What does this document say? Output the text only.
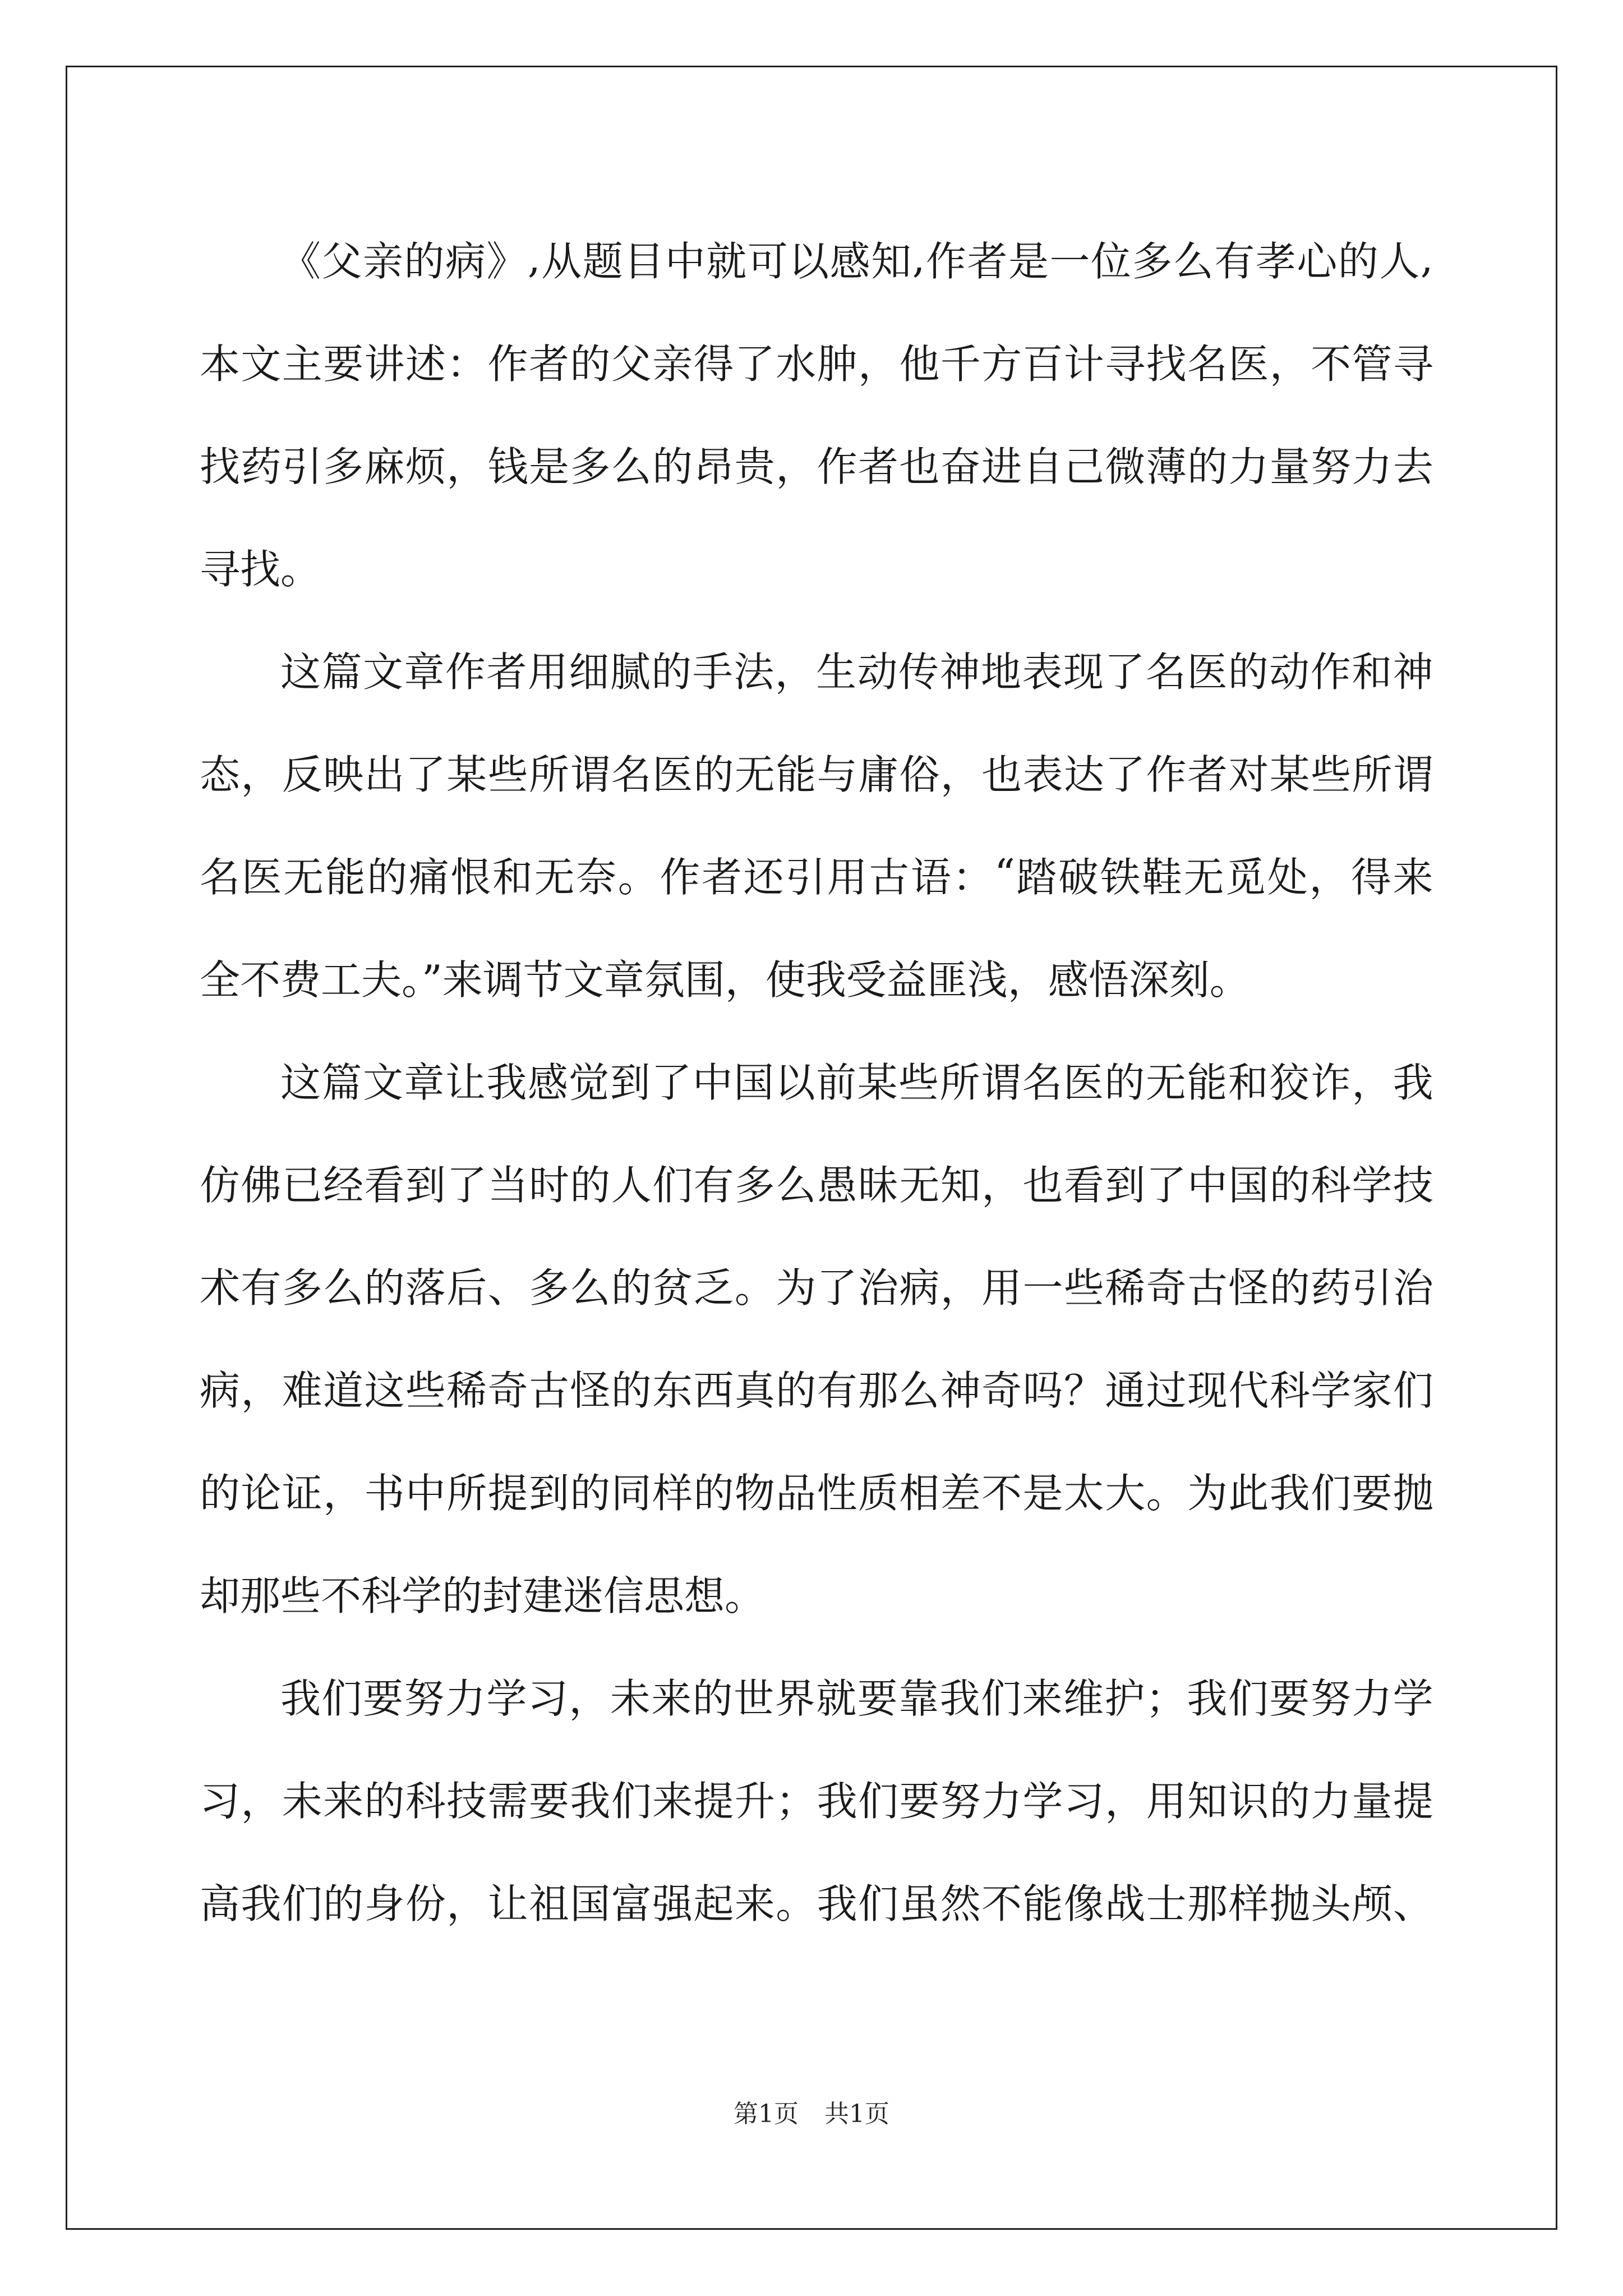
《 父 亲 的 病 》 , 从 题 目 中 就 可 以 感 知 , 作 者 是 一 位 多 么 有 孝 心 的 人 ,
本 文 主 要 讲 述 ： 作 者 的 父 亲 得 了 水 肿 ， 他 千 方 百 计 寻 找 名 医 ， 不 管 寻
找 药 引 多 麻 烦 ， 钱 是 多 么 的 昂 贵 ， 作 者 也 奋 进 自 己 微 薄 的 力 量 努 力 去
寻找。
这 篇 文 章 作 者 用 细 腻 的 手 法 ， 生 动 传 神 地 表 现 了 名 医 的 动 作 和 神
态 ， 反 映 出 了 某 些 所 谓 名 医 的 无 能 与 庸 俗 ， 也 表 达 了 作 者 对 某 些 所 谓
名 医 无 能 的 痛 恨 和 无 奈 。 作 者 还 引 用 古 语 ： “ 踏 破 铁 鞋 无 觅 处 ， 得 来
全不费工夫。”来调节文章氛围，使我受益匪浅，感悟深刻。
这 篇 文 章 让 我 感 觉 到 了 中 国 以 前 某 些 所 谓 名 医 的 无 能 和 狡 诈 ， 我
仿 佛 已 经 看 到 了 当 时 的 人 们 有 多 么 愚 昧 无 知 ， 也 看 到 了 中 国 的 科 学 技
术 有 多 么 的 落 后 、 多 么 的 贫 乏 。 为 了 治 病 ， 用 一 些 稀 奇 古 怪 的 药 引 治
病 ， 难 道 这 些 稀 奇 古 怪 的 东 西 真 的 有 那 么 神 奇 吗 ？ 通 过 现 代 科 学 家 们
的 论 证 ， 书 中 所 提 到 的 同 样 的 物 品 性 质 相 差 不 是 太 大 。 为 此 我 们 要 抛
却那些不科学的封建迷信思想。
我 们 要 努 力 学 习 ， 未 来 的 世 界 就 要 靠 我 们 来 维 护 ； 我 们 要 努 力 学
习 ， 未 来 的 科 技 需 要 我 们 来 提 升 ； 我 们 要 努 力 学 习 ， 用 知 识 的 力 量 提
高 我 们 的 身 份 ， 让 祖 国 富 强 起 来 。 我 们 虽 然 不 能 像 战 士 那 样 抛 头 颅 、
第1页 共1页
